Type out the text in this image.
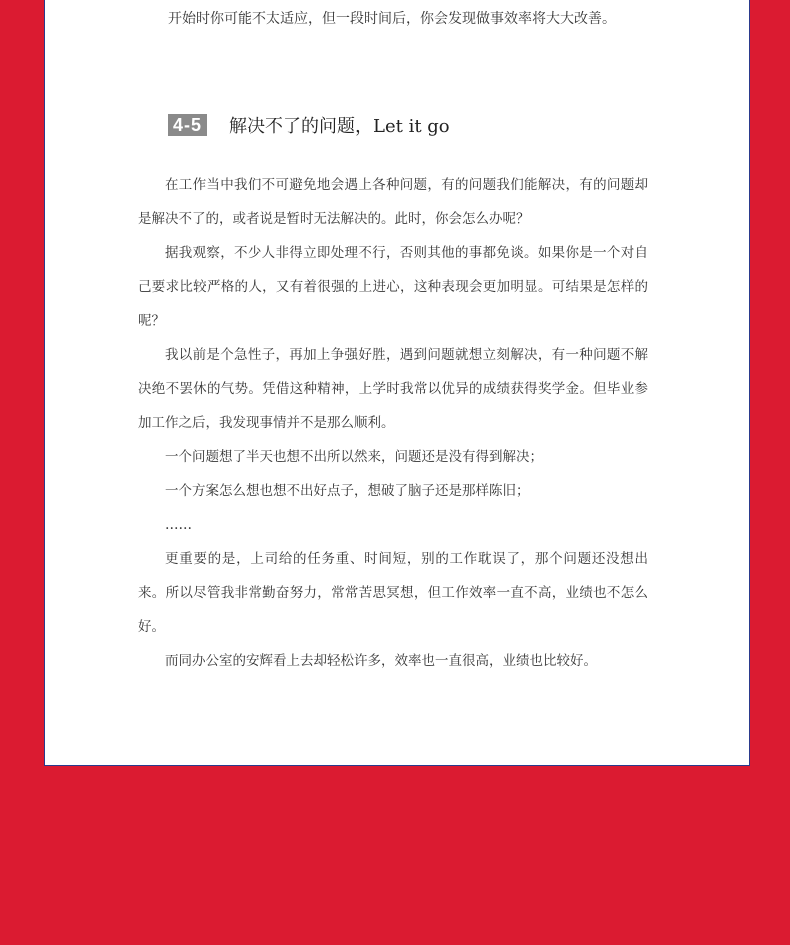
开始时你可能不太适应，但一段时间后，你会发现做事效率将大大改善。
4-5 解决不了的问题，Let it go

在工作当中我们不可避免地会遇上各种问题，有的问题我们能解决，有的问题却是解决不了的，或者说是暂时无法解决的。此时，你会怎么办呢？

据我观察，不少人非得立即处理不行，否则其他的事都免谈。如果你是一个对自己要求比较严格的人，又有着很强的上进心，这种表现会更加明显。可结果是怎样的呢？

我以前是个急性子，再加上争强好胜，遇到问题就想立刻解决，有一种问题不解决绝不罢休的气势。凭借这种精神，上学时我常以优异的成绩获得奖学金。但毕业参加工作之后，我发现事情并不是那么顺利。

一个问题想了半天也想不出所以然来，问题还是没有得到解决；

一个方案怎么想也想不出好点子，想破了脑子还是那样陈旧；

……

更重要的是，上司给的任务重、时间短，别的工作耽误了，那个问题还没想出来。所以尽管我非常勤奋努力，常常苦思冥想，但工作效率一直不高，业绩也不怎么好。

而同办公室的安辉看上去却轻松许多，效率也一直很高，业绩也比较好。
